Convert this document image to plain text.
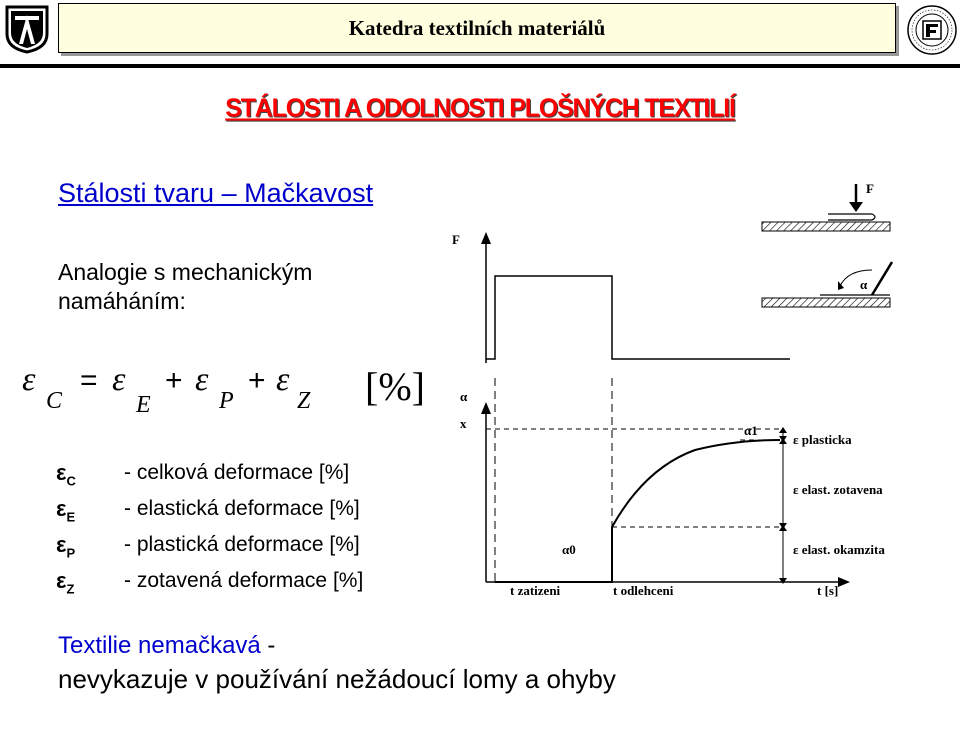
Katedra textilních materiálů
STÁLOSTI A ODOLNOSTI PLOŠNÝCH TEXTILIÍ
Stálosti tvaru – Mačkavost
Analogie s mechanickým namáháním:
ε
C
= ε
E
+ ε
P
+ ε
Z [%]
$\varepsilon_C$	- celková deformace [%]
$\varepsilon_E$	- elastická deformace [%]
$\varepsilon_P$	- plastická deformace [%]
$\varepsilon_Z$	- zotavená deformace [%]
Textilie nemačkavá -
nevykazuje v používání nežádoucí lomy a ohyby
F
α
F
α
x	α1
α0
ε plasticka
ε elast. zotavena
ε elast. okamzita
t zatizeni	t odlehceni	t [s]
